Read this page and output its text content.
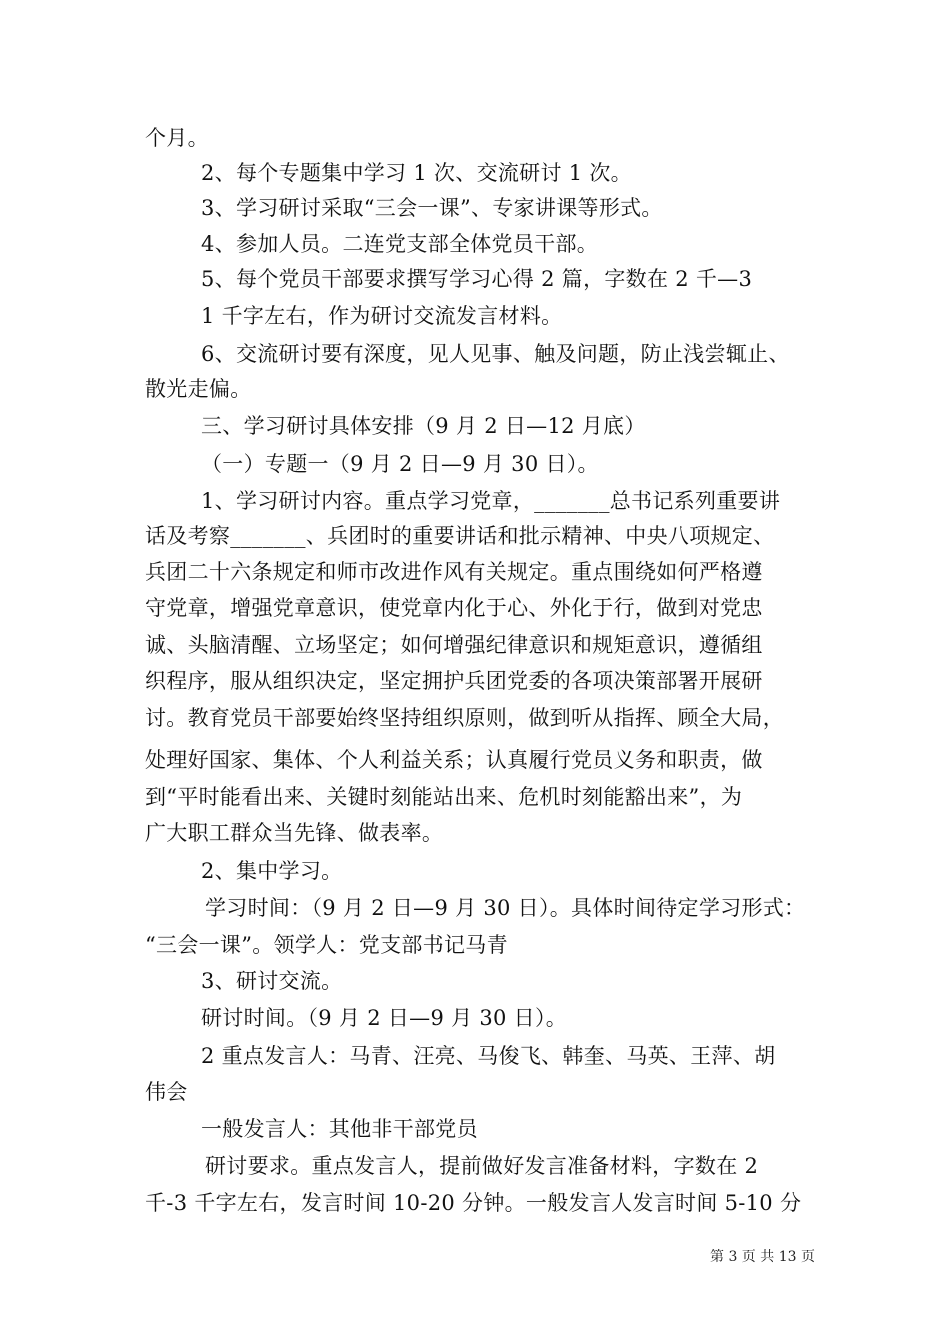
个月。
2、每个专题集中学习 1 次、交流研讨 1 次。
3、学习研讨采取“三会一课”、专家讲课等形式。
4、参加人员。二连党支部全体党员干部。
5、每个党员干部要求撰写学习心得 2 篇，字数在 2 千—3
1 千字左右，作为研讨交流发言材料。
6、交流研讨要有深度，见人见事、触及问题，防止浅尝辄止、
散光走偏。
三、学习研讨具体安排（9 月 2 日—12 月底）
（一）专题一（9 月 2 日—9 月 30 日）。
1、学习研讨内容。重点学习党章，_______总书记系列重要讲
话及考察_______、兵团时的重要讲话和批示精神、中央八项规定、
兵团二十六条规定和师市改进作风有关规定。重点围绕如何严格遵
守党章，增强党章意识，使党章内化于心、外化于行，做到对党忠
诚、头脑清醒、立场坚定；如何增强纪律意识和规矩意识，遵循组
织程序，服从组织决定，坚定拥护兵团党委的各项决策部署开展研
讨。教育党员干部要始终坚持组织原则，做到听从指挥、顾全大局，
处理好国家、集体、个人利益关系；认真履行党员义务和职责，做
到“平时能看出来、关键时刻能站出来、危机时刻能豁出来”，为
广大职工群众当先锋、做表率。
2、集中学习。
学习时间：（9 月 2 日—9 月 30 日）。具体时间待定学习形式：
“三会一课”。领学人：党支部书记马青
3、研讨交流。
研讨时间。（9 月 2 日—9 月 30 日）。
2 重点发言人：马青、汪亮、马俊飞、韩奎、马英、王萍、胡
伟会
一般发言人：其他非干部党员
研讨要求。重点发言人，提前做好发言准备材料，字数在 2
千-3 千字左右，发言时间 10-20 分钟。一般发言人发言时间 5-10 分
第 3 页 共 13 页
